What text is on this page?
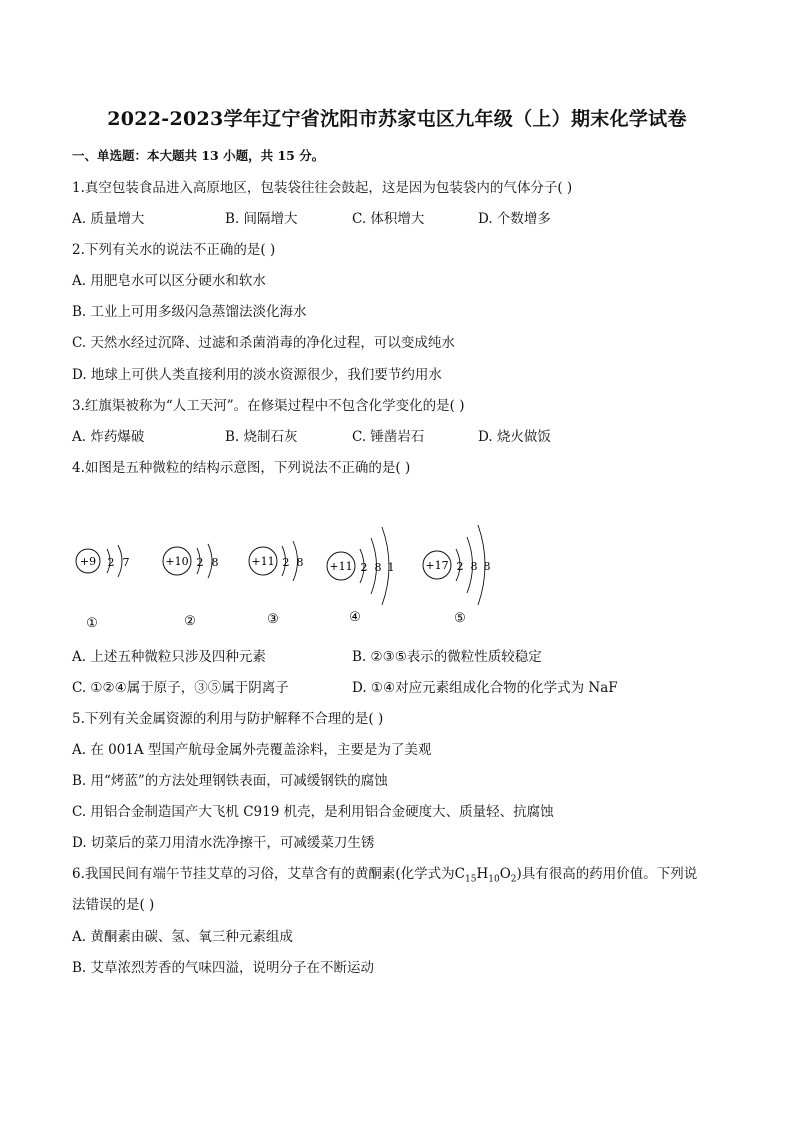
2022-2023学年辽宁省沈阳市苏家屯区九年级（上）期末化学试卷
一、单选题：本大题共 13 小题，共 15 分。
1.真空包装食品进入高原地区，包装袋往往会鼓起，这是因为包装袋内的气体分子( )
A. 质量增大	B. 间隔增大	C. 体积增大	D. 个数增多
2.下列有关水的说法不正确的是( )
A. 用肥皂水可以区分硬水和软水
B. 工业上可用多级闪急蒸馏法淡化海水
C. 天然水经过沉降、过滤和杀菌消毒的净化过程，可以变成纯水
D. 地球上可供人类直接利用的淡水资源很少，我们要节约用水
3.红旗渠被称为“人工天河”。在修渠过程中不包含化学变化的是( )
A. 炸药爆破	B. 烧制石灰	C. 锤凿岩石	D. 烧火做饭
4.如图是五种微粒的结构示意图，下列说法不正确的是( )
+9 2 7
①
+10 2 8
②
+11 2 8
③
+11 2 8 1
④
+17 2 8 8
⑤
A. 上述五种微粒只涉及四种元素	B. ②③⑤表示的微粒性质较稳定
C. ①②④属于原子，③⑤属于阴离子	D. ①④对应元素组成化合物的化学式为 NaF
5.下列有关金属资源的利用与防护解释不合理的是( )
A. 在 001A 型国产航母金属外壳覆盖涂料，主要是为了美观
B. 用“烤蓝”的方法处理钢铁表面，可减缓钢铁的腐蚀
C. 用铝合金制造国产大飞机 C919 机壳，是利用铝合金硬度大、质量轻、抗腐蚀
D. 切菜后的菜刀用清水洗净擦干，可减缓菜刀生锈
6.我国民间有端午节挂艾草的习俗，艾草含有的黄酮素(化学式为$C_{15}H_{10}O_2$)具有很高的药用价值。下列说
法错误的是( )
A. 黄酮素由碳、氢、氧三种元素组成
B. 艾草浓烈芳香的气味四溢，说明分子在不断运动
